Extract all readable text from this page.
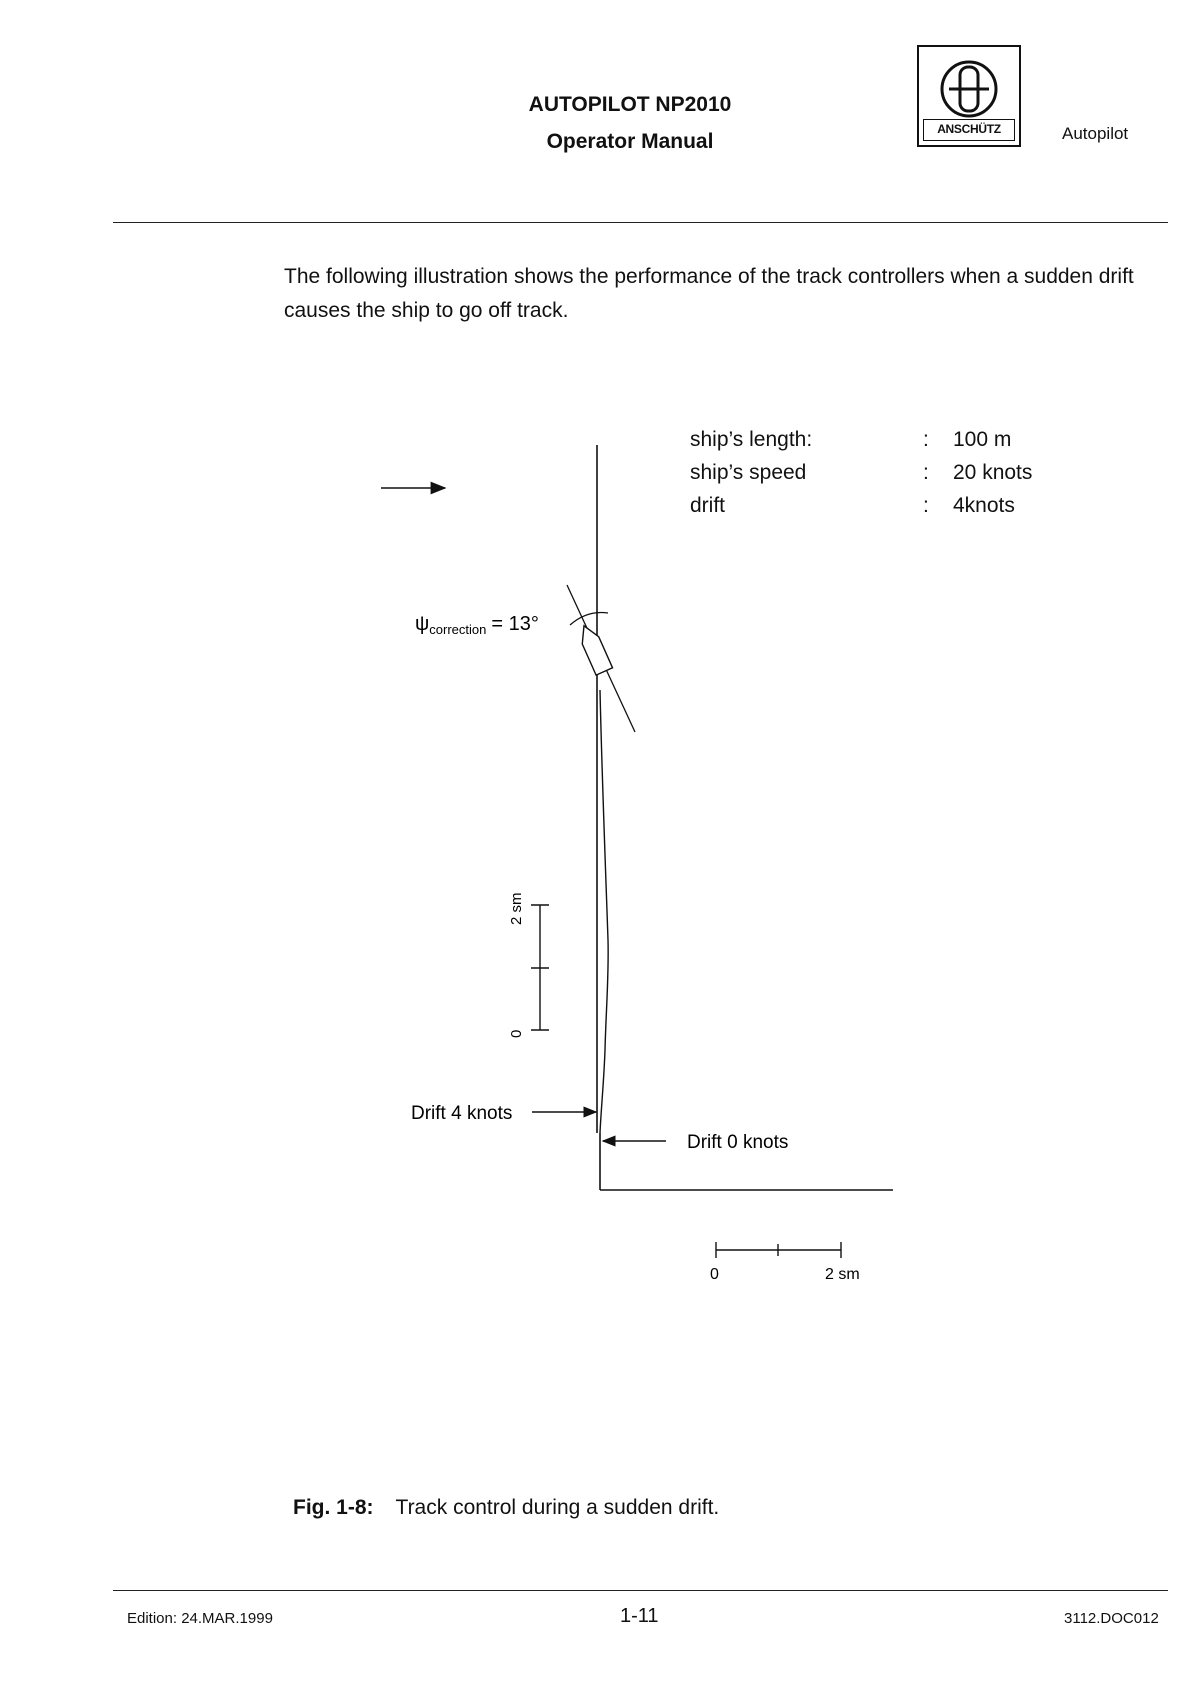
AUTOPILOT NP2010
Operator Manual
ANSCHÜTZ	Autopilot
The following illustration shows the performance of the track controllers when a sudden drift causes the ship to go off track.
ship’s length:	: 100 m
ship’s speed	: 20 knots
drift	: 4knots
$\psi_{correction} = 13^\circ$
0
2 sm
0	2 sm
Drift 4 knots
Drift 0 knots
Fig. 1-8: Track control during a sudden drift.
Edition: 24.MAR.1999	1-11	3112.DOC012
